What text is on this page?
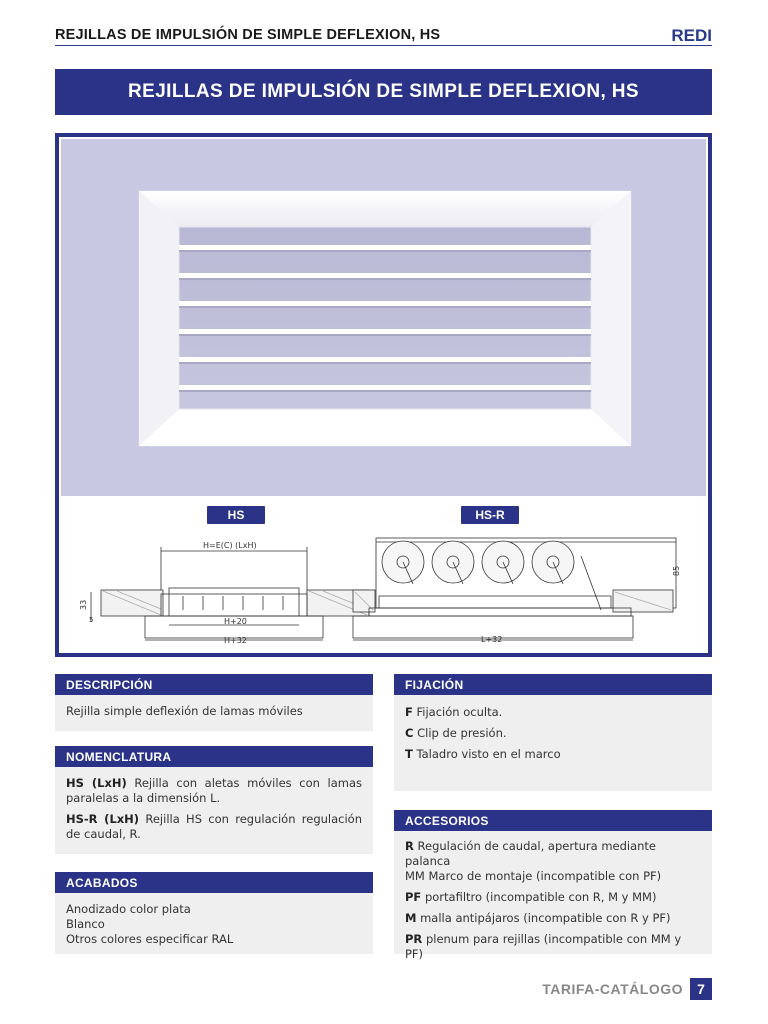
REJILLAS DE IMPULSIÓN DE SIMPLE DEFLEXION, HS	REDI
REJILLAS DE IMPULSIÓN DE SIMPLE DEFLEXION, HS
HS	HS-R
H=E(C) (LxH)
H+20
H+32
33
5
L+32
85
DESCRIPCIÓN

Rejilla simple deflexión de lamas móviles

NOMENCLATURA

HS (LxH) Rejilla con aletas móviles con lamas paralelas a la dimensión L.

HS-R (LxH) Rejilla HS con regulación regulación de caudal, R.

ACABADOS
Anodizado color plata
Blanco
Otros colores especificar RAL
FIJACIÓN
F Fijación oculta.
C Clip de presión.
T Taladro visto en el marco
ACCESORIOS
R Regulación de caudal, apertura mediante palanca
MM Marco de montaje (incompatible con PF)
PF portafiltro (incompatible con R, M y MM)
M malla antipájaros (incompatible con R y PF)
PR plenum para rejillas (incompatible con MM y PF)
TARIFA-CATÁLOGO	7
